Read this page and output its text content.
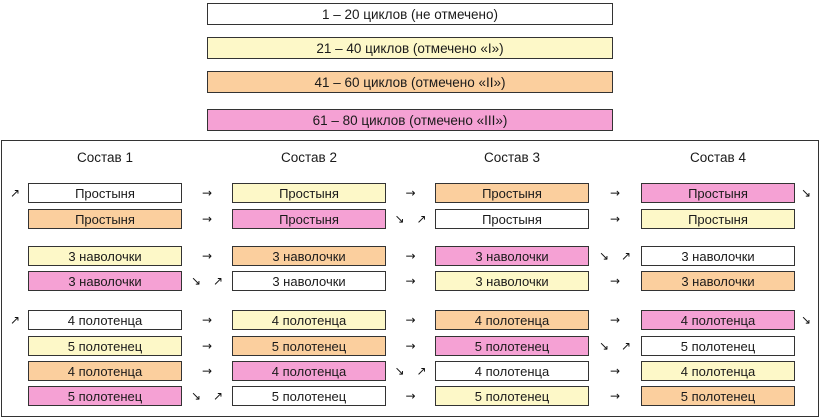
1 – 20 циклов (не отмечено)
21 – 40 циклов (отмечено «I»)
41 – 60 циклов (отмечено «II»)
61 – 80 циклов (отмечено «III»)
Состав 1	Состав 2	Состав 3	Состав 4
Простыня	Простыня	Простыня	Простыня
→	→	→
↗	↘
Простыня	Простыня	Простыня	Простыня
→	↘ ↗	→
3 наволочки	3 наволочки	3 наволочки	3 наволочки
→	→	↘ ↗
3 наволочки	3 наволочки	3 наволочки	3 наволочки
↘ ↗	→	→
4 полотенца	4 полотенца	4 полотенца	4 полотенца
→	→	→
↗	↘
5 полотенец	5 полотенец	5 полотенец	5 полотенец
→	→	↘ ↗
4 полотенца	4 полотенца	4 полотенца	4 полотенца
→	↘ ↗	→
5 полотенец	5 полотенец	5 полотенец	5 полотенец
↘ ↗	→	→
